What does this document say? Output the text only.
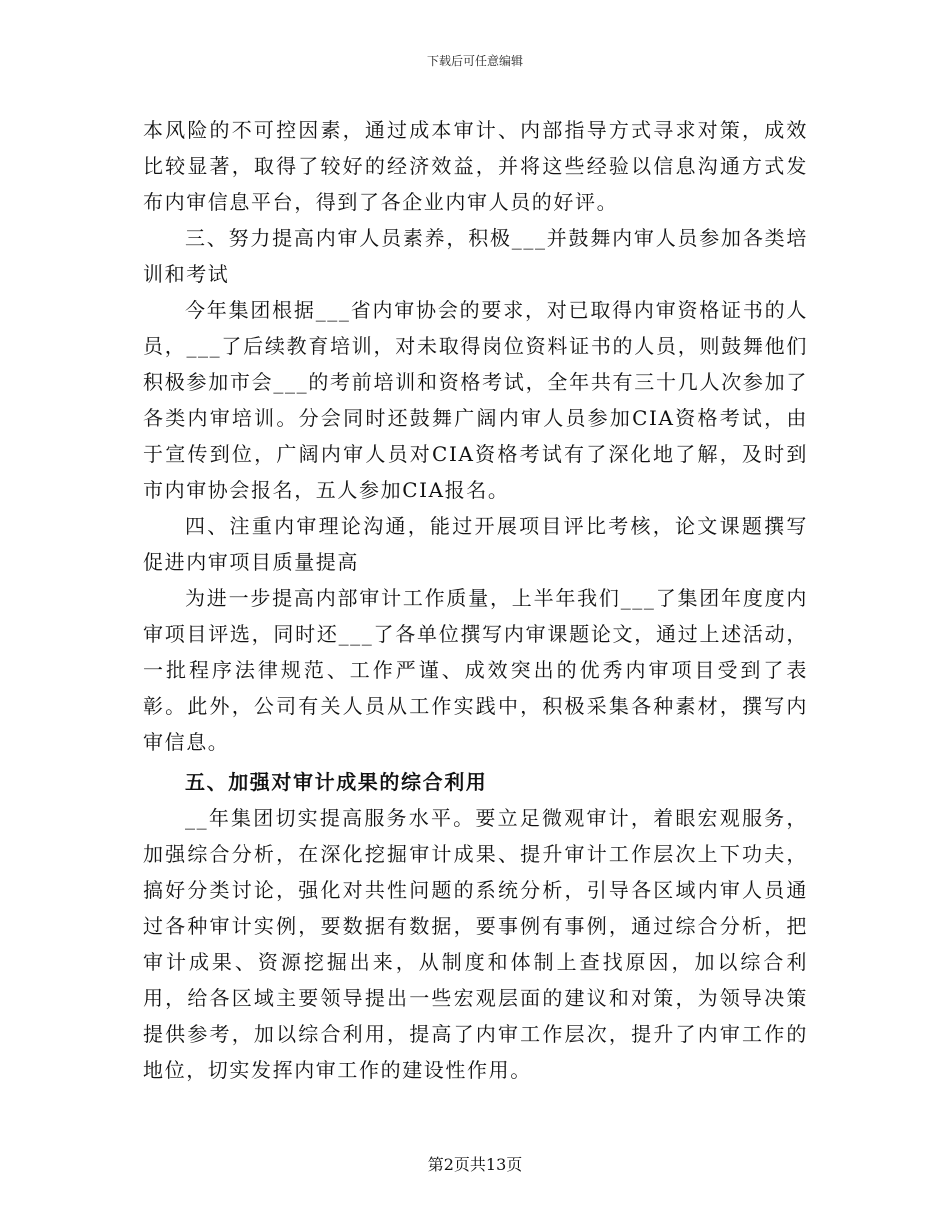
下载后可任意编辑

本风险的不可控因素，通过成本审计、内部指导方式寻求对策，成效比较显著，取得了较好的经济效益，并将这些经验以信息沟通方式发布内审信息平台，得到了各企业内审人员的好评。

三、努力提高内审人员素养，积极___并鼓舞内审人员参加各类培训和考试

今年集团根据___省内审协会的要求，对已取得内审资格证书的人员，___了后续教育培训，对未取得岗位资料证书的人员，则鼓舞他们积极参加市会___的考前培训和资格考试，全年共有三十几人次参加了各类内审培训。分会同时还鼓舞广阔内审人员参加CIA资格考试，由于宣传到位，广阔内审人员对CIA资格考试有了深化地了解，及时到市内审协会报名，五人参加CIA报名。

四、注重内审理论沟通，能过开展项目评比考核，论文课题撰写促进内审项目质量提高

为进一步提高内部审计工作质量，上半年我们___了集团年度度内审项目评选，同时还___了各单位撰写内审课题论文，通过上述活动，一批程序法律规范、工作严谨、成效突出的优秀内审项目受到了表彰。此外，公司有关人员从工作实践中，积极采集各种素材，撰写内审信息。

五、加强对审计成果的综合利用

__年集团切实提高服务水平。要立足微观审计，着眼宏观服务，加强综合分析，在深化挖掘审计成果、提升审计工作层次上下功夫，搞好分类讨论，强化对共性问题的系统分析，引导各区域内审人员通过各种审计实例，要数据有数据，要事例有事例，通过综合分析，把审计成果、资源挖掘出来，从制度和体制上查找原因，加以综合利用，给各区域主要领导提出一些宏观层面的建议和对策，为领导决策提供参考，加以综合利用，提高了内审工作层次，提升了内审工作的地位，切实发挥内审工作的建设性作用。

第2页共13页
